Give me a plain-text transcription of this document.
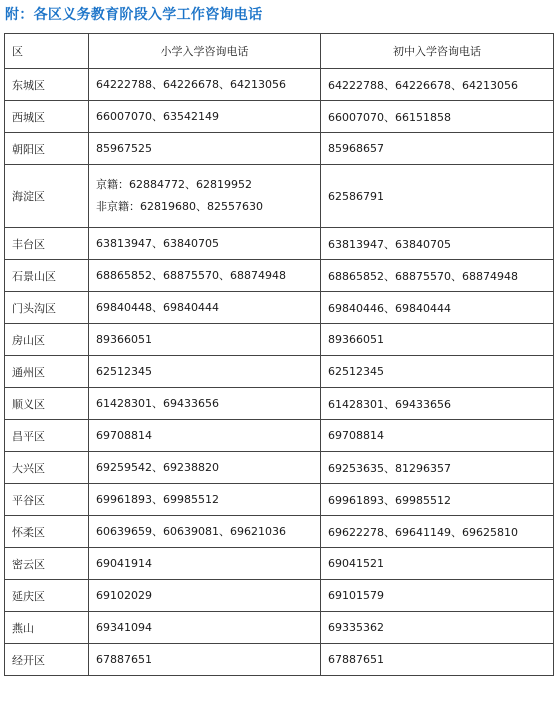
附：各区义务教育阶段入学工作咨询电话
区	小学入学咨询电话	初中入学咨询电话
东城区	64222788、64226678、64213056	64222788、64226678、64213056
西城区	66007070、63542149	66007070、66151858
朝阳区	85967525	85968657
海淀区	京籍：62884772、62819952
非京籍：62819680、82557630	62586791
丰台区	63813947、63840705	63813947、63840705
石景山区	68865852、68875570、68874948	68865852、68875570、68874948
门头沟区	69840448、69840444	69840446、69840444
房山区	89366051	89366051
通州区	62512345	62512345
顺义区	61428301、69433656	61428301、69433656
昌平区	69708814	69708814
大兴区	69259542、69238820	69253635、81296357
平谷区	69961893、69985512	69961893、69985512
怀柔区	60639659、60639081、69621036	69622278、69641149、69625810
密云区	69041914	69041521
延庆区	69102029	69101579
燕山	69341094	69335362
经开区	67887651	67887651
